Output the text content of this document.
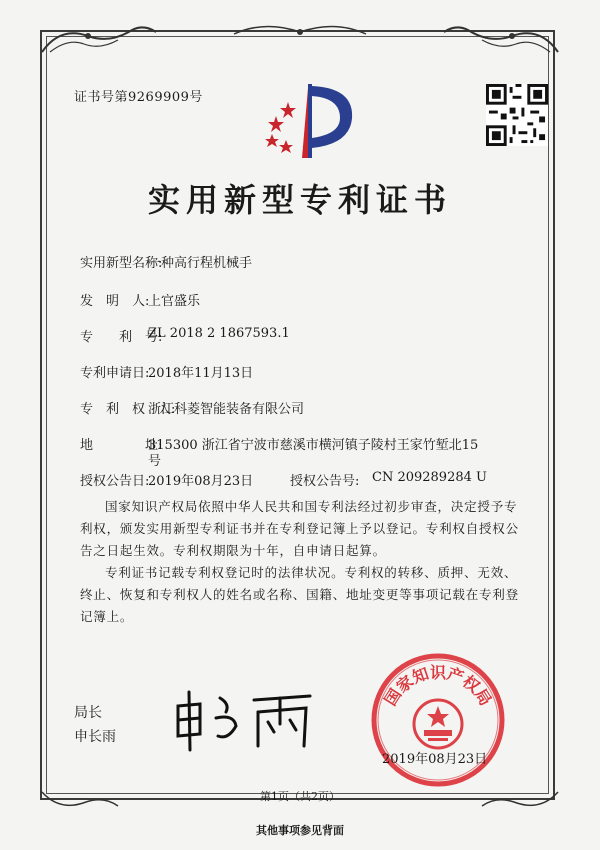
证书号第9269909号
实用新型专利证书
实用新型名称:
一种高行程机械手
发　明　人:
上官盛乐
专　　利　号:
ZL 2018 2 1867593.1
专利申请日:
2018年11月13日
专　利　权　人:
浙江科菱智能装备有限公司
地　　　　址:
315300 浙江省宁波市慈溪市横河镇子陵村王家竹堑北15
号
授权公告日:
2019年08月23日	授权公告号: CN 209289284 U
国家知识产权局依照中华人民共和国专利法经过初步审查，决定授予专利权，颁发实用新型专利证书并在专利登记簿上予以登记。专利权自授权公告之日起生效。专利权期限为十年，自申请日起算。
专利证书记载专利权登记时的法律状况。专利权的转移、质押、无效、终止、恢复和专利权人的姓名或名称、国籍、地址变更等事项记载在专利登记簿上。
局长
申长雨
国家知识产权局
2019年08月23日
第1页（共2页）
其他事项参见背面
